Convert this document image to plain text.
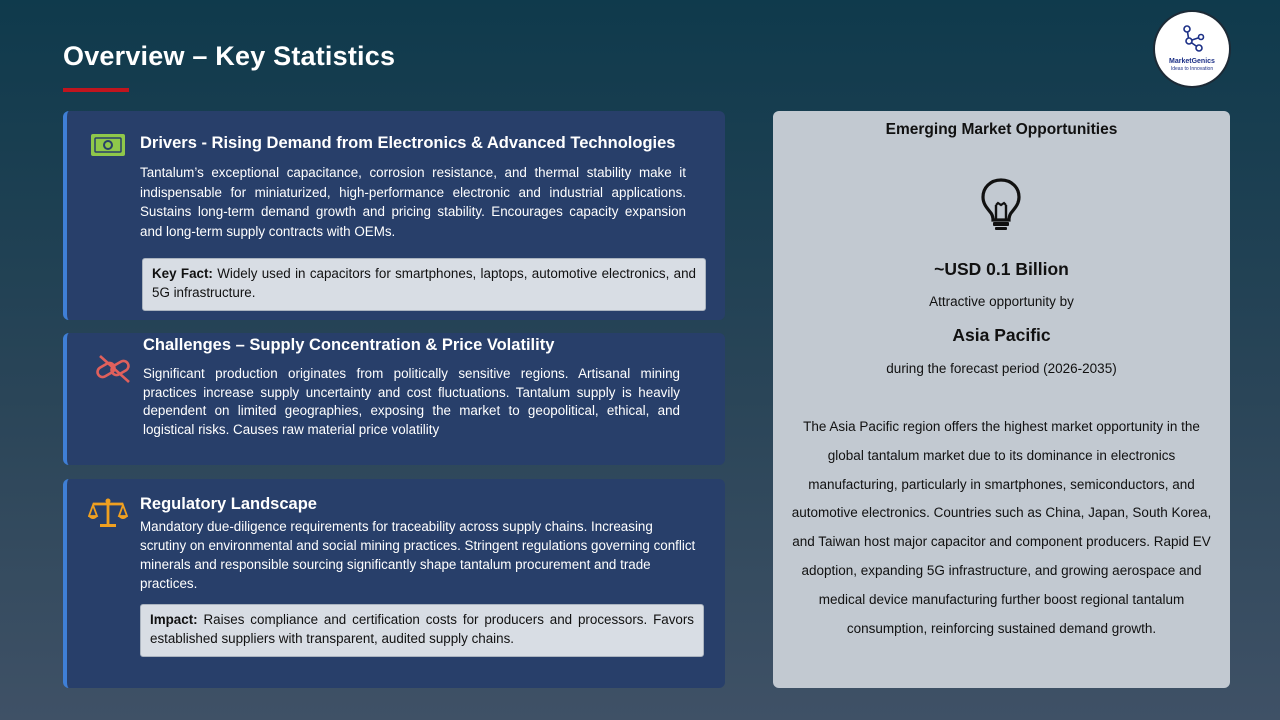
Overview – Key Statistics	MarketGenics
Ideas to Innovation
Drivers - Rising Demand from Electronics & Advanced Technologies
Tantalum’s exceptional capacitance, corrosion resistance, and thermal stability make it indispensable for miniaturized, high-performance electronic and industrial applications. Sustains long-term demand growth and pricing stability. Encourages capacity expansion and long-term supply contracts with OEMs.
Key Fact: Widely used in capacitors for smartphones, laptops, automotive electronics, and 5G infrastructure.
Challenges – Supply Concentration & Price Volatility
Significant production originates from politically sensitive regions. Artisanal mining practices increase supply uncertainty and cost fluctuations. Tantalum supply is heavily dependent on limited geographies, exposing the market to geopolitical, ethical, and logistical risks. Causes raw material price volatility
Regulatory Landscape
Mandatory due-diligence requirements for traceability across supply chains. Increasing scrutiny on environmental and social mining practices. Stringent regulations governing conflict minerals and responsible sourcing significantly shape tantalum procurement and trade practices.
Impact: Raises compliance and certification costs for producers and processors. Favors established suppliers with transparent, audited supply chains.
Emerging Market Opportunities
~USD 0.1 Billion
Attractive opportunity by
Asia Pacific
during the forecast period (2026-2035)
The Asia Pacific region offers the highest market opportunity in the global tantalum market due to its dominance in electronics manufacturing, particularly in smartphones, semiconductors, and automotive electronics. Countries such as China, Japan, South Korea, and Taiwan host major capacitor and component producers. Rapid EV adoption, expanding 5G infrastructure, and growing aerospace and medical device manufacturing further boost regional tantalum consumption, reinforcing sustained demand growth.
